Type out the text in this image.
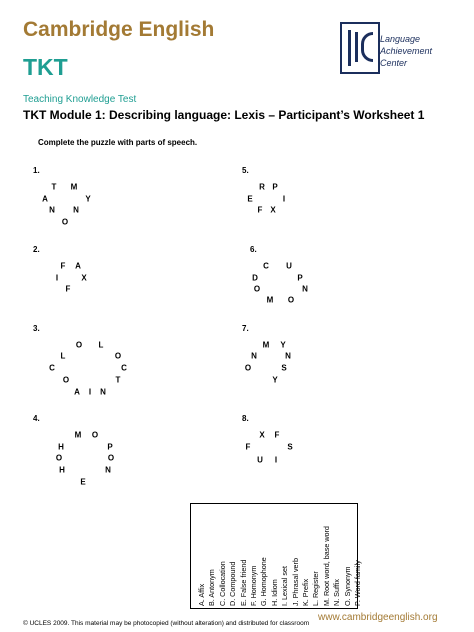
Cambridge English
TKT
Teaching Knowledge Test
TKT Module 1: Describing language: Lexis – Participant’s Worksheet 1
Language
Achievement
Center
Complete the puzzle with parts of speech.
1.
T M
A	Y
N N
O
2.
F A
I	X
F
3.
O L
L	O
C	C
O	T
A I N
4.
M O
H	P
O	O
H	N
E
5.
R P
E	I
F X
6.
C U
D	P
O	N
M O
7.
M Y
N	N
O	S
Y
8.
X F
F	S
U I
A. Affix B. Antonym C. Collocation D. Compound E. False friend F. Homonym G. Homophone H. Idiom I. Lexical set J. Phrasal verb K. Prefix L. Register M. Root word, base word N. Suffix O. Synonym P. Word family
© UCLES 2009. This material may be photocopied (without alteration) and distributed for classroom
www.cambridgeenglish.org
